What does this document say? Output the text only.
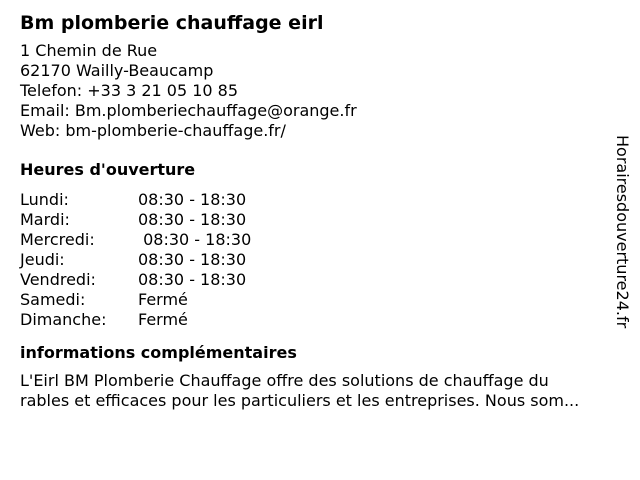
Bm plomberie chauffage eirl
1 Chemin de Rue
62170 Wailly-Beaucamp
Telefon: +33 3 21 05 10 85
Email: Bm.plomberiechauffage@orange.fr
Web: bm-plomberie-chauffage.fr/
Heures d'ouverture
Lundi:	08:30 - 18:30
Mardi:	08:30 - 18:30
Mercredi:	08:30 - 18:30
Jeudi:	08:30 - 18:30
Vendredi:	08:30 - 18:30
Samedi:	Fermé
Dimanche:	Fermé
informations complémentaires
L'Eirl BM Plomberie Chauffage offre des solutions de chauffage du
rables et efficaces pour les particuliers et les entreprises. Nous som...
Horairesdouverture24.fr
